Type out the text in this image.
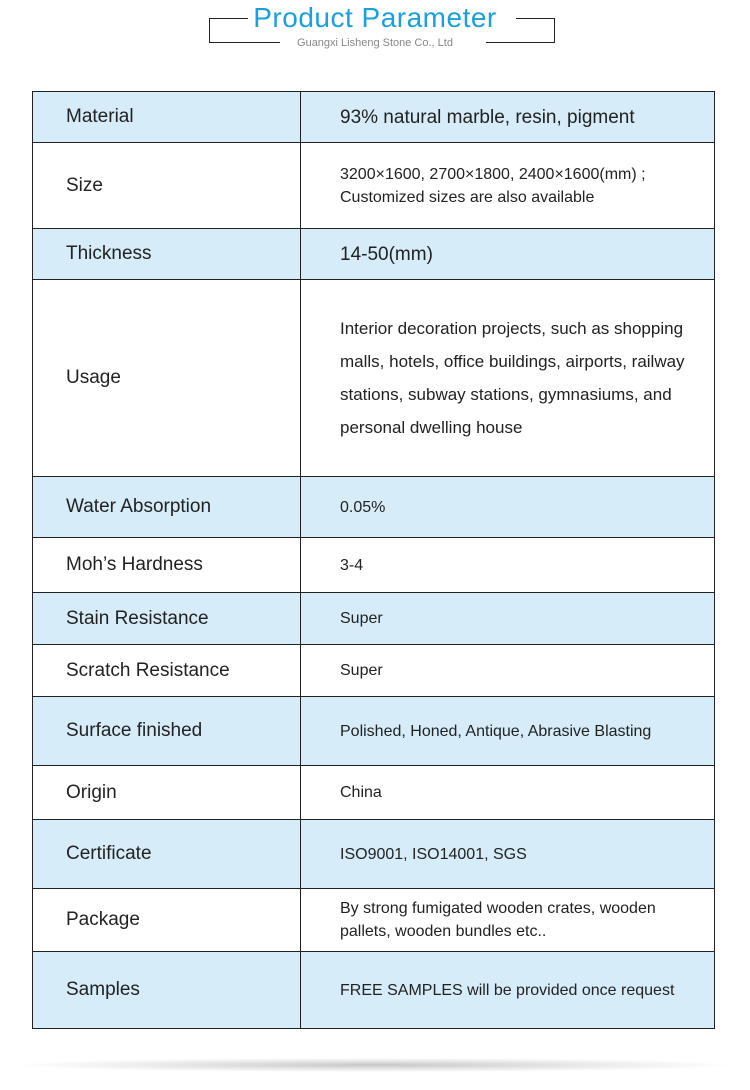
Product Parameter
Guangxi Lisheng Stone Co., Ltd
Material	93% natural marble, resin, pigment
Size	3200×1600, 2700×1800, 2400×1600(mm) ; Customized sizes are also available
Thickness	14-50(mm)
Usage	Interior decoration projects, such as shopping malls, hotels, office buildings, airports, railway stations, subway stations, gymnasiums, and personal dwelling house
Water Absorption	0.05%
Moh’s Hardness	3-4
Stain Resistance	Super
Scratch Resistance	Super
Surface finished	Polished, Honed, Antique, Abrasive Blasting
Origin	China
Certificate	ISO9001, ISO14001, SGS
Package	By strong fumigated wooden crates, wooden pallets, wooden bundles etc..
Samples	FREE SAMPLES will be provided once request
